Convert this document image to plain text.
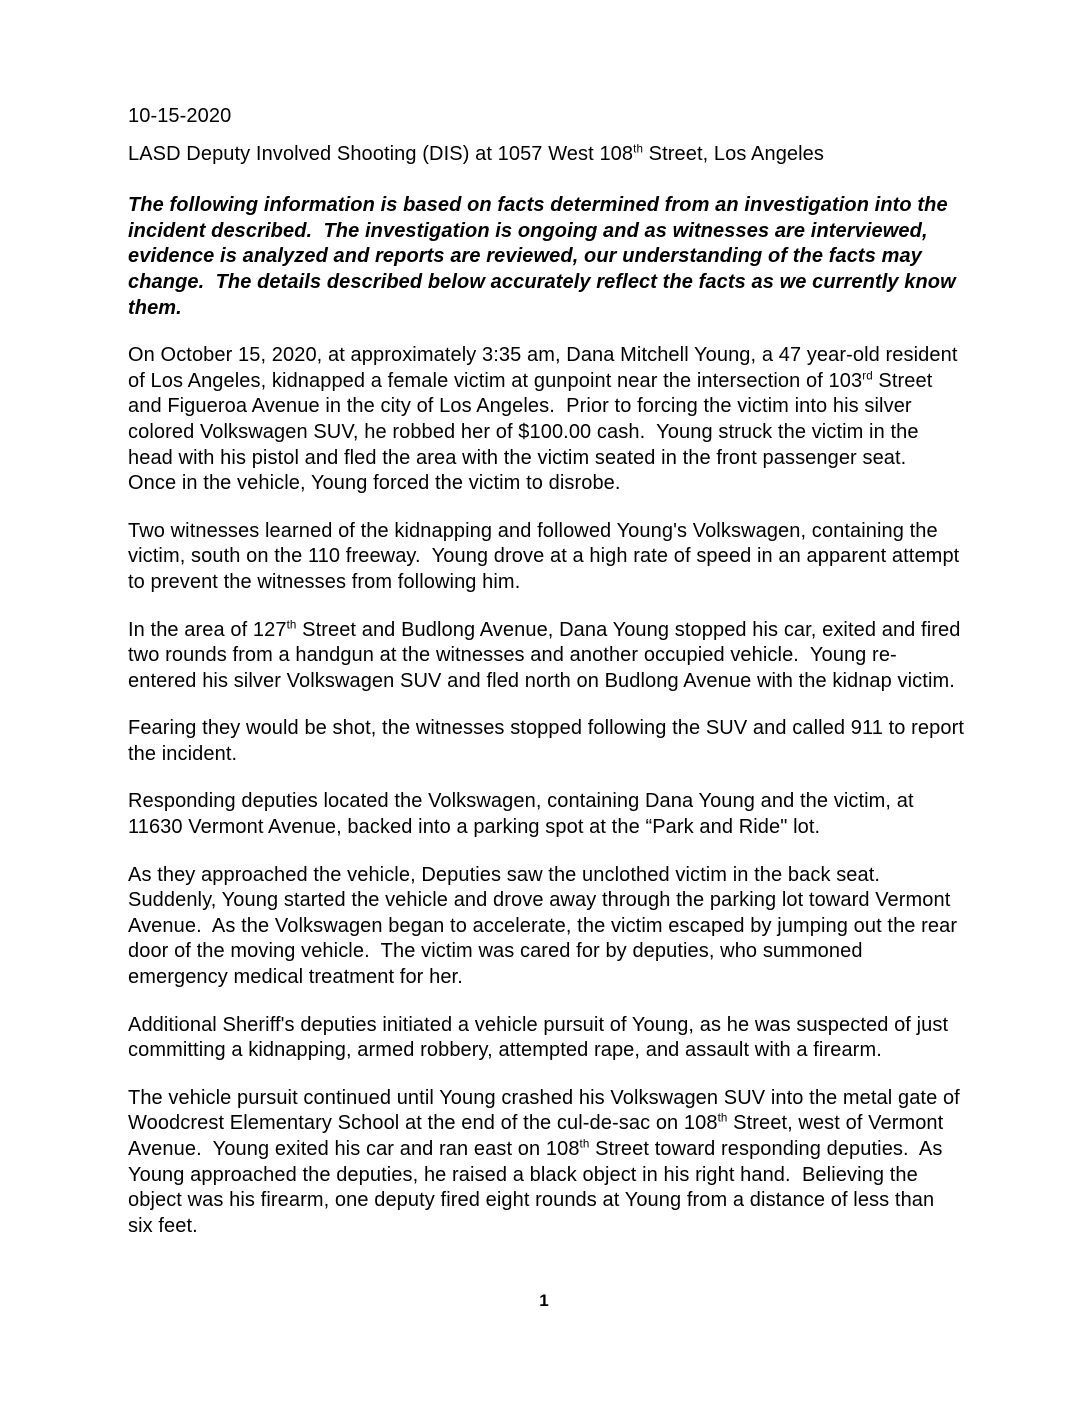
10-15-2020

LASD Deputy Involved Shooting (DIS) at 1057 West 108th Street, Los Angeles

The following information is based on facts determined from an investigation into the incident described.  The investigation is ongoing and as witnesses are interviewed, evidence is analyzed and reports are reviewed, our understanding of the facts may change.  The details described below accurately reflect the facts as we currently know them.

On October 15, 2020, at approximately 3:35 am, Dana Mitchell Young, a 47 year-old resident of Los Angeles, kidnapped a female victim at gunpoint near the intersection of 103rd Street and Figueroa Avenue in the city of Los Angeles.  Prior to forcing the victim into his silver colored Volkswagen SUV, he robbed her of $100.00 cash.  Young struck the victim in the head with his pistol and fled the area with the victim seated in the front passenger seat.  Once in the vehicle, Young forced the victim to disrobe.

Two witnesses learned of the kidnapping and followed Young's Volkswagen, containing the victim, south on the 110 freeway.  Young drove at a high rate of speed in an apparent attempt to prevent the witnesses from following him.

In the area of 127th Street and Budlong Avenue, Dana Young stopped his car, exited and fired two rounds from a handgun at the witnesses and another occupied vehicle.  Young re-entered his silver Volkswagen SUV and fled north on Budlong Avenue with the kidnap victim.

Fearing they would be shot, the witnesses stopped following the SUV and called 911 to report the incident.

Responding deputies located the Volkswagen, containing Dana Young and the victim, at 11630 Vermont Avenue, backed into a parking spot at the “Park and Ride" lot.

As they approached the vehicle, Deputies saw the unclothed victim in the back seat.  Suddenly, Young started the vehicle and drove away through the parking lot toward Vermont Avenue.  As the Volkswagen began to accelerate, the victim escaped by jumping out the rear door of the moving vehicle.  The victim was cared for by deputies, who summoned emergency medical treatment for her.

Additional Sheriff's deputies initiated a vehicle pursuit of Young, as he was suspected of just committing a kidnapping, armed robbery, attempted rape, and assault with a firearm.

The vehicle pursuit continued until Young crashed his Volkswagen SUV into the metal gate of Woodcrest Elementary School at the end of the cul-de-sac on 108th Street, west of Vermont Avenue.  Young exited his car and ran east on 108th Street toward responding deputies.  As Young approached the deputies, he raised a black object in his right hand.  Believing the object was his firearm, one deputy fired eight rounds at Young from a distance of less than six feet.

1
